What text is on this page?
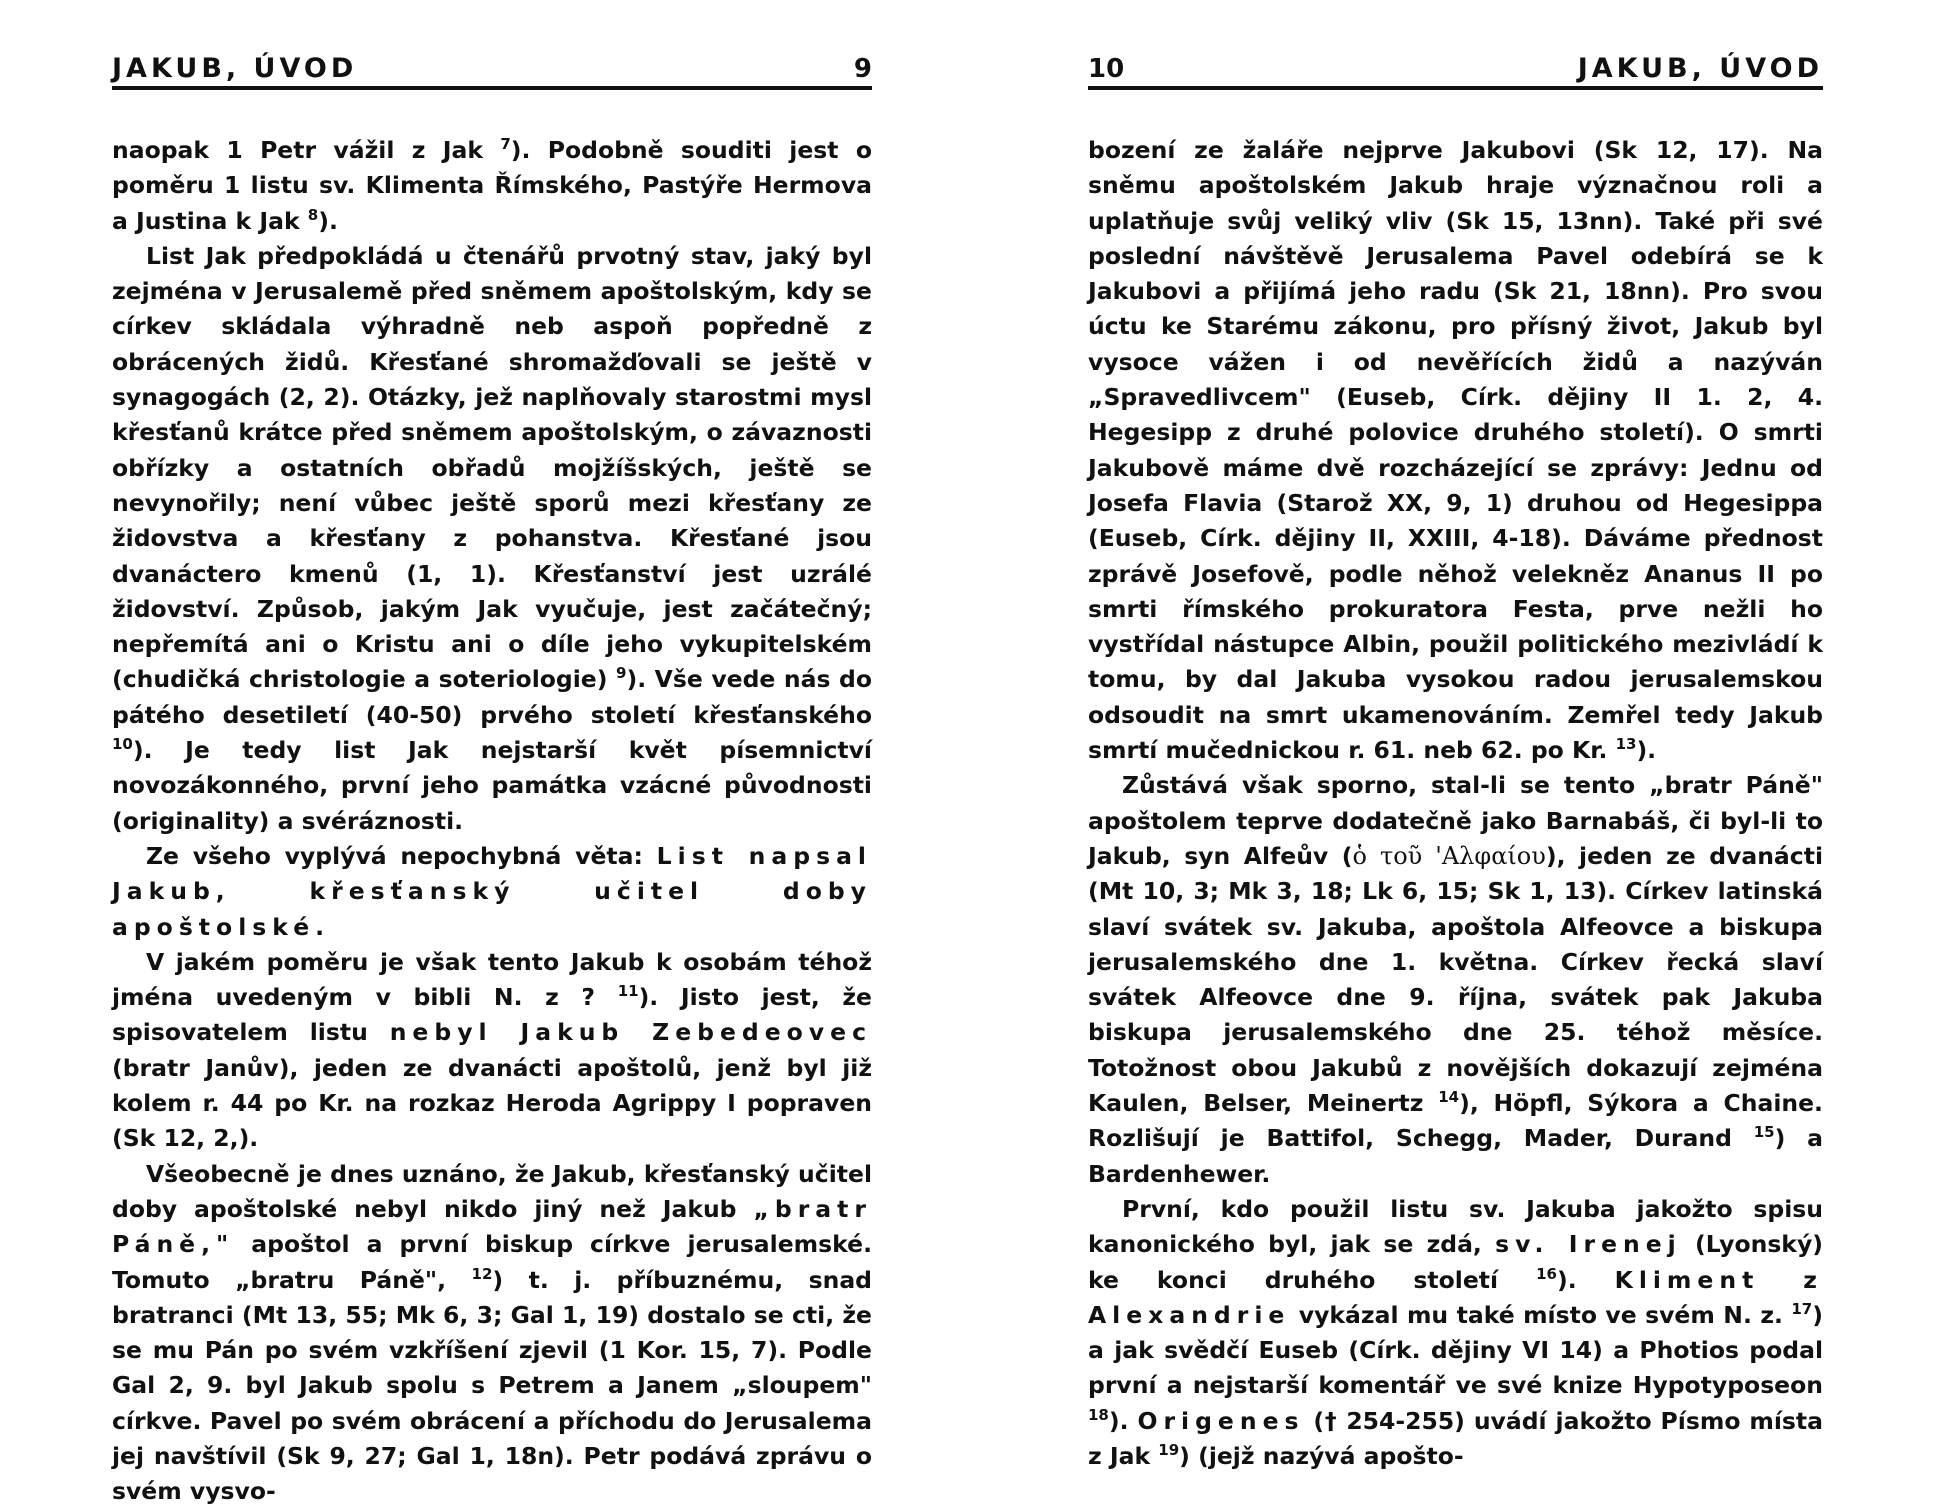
JAKUB, ÚVOD	9

naopak 1 Petr vážil z Jak $^7$). Podobně souditi jest o poměru 1 listu sv. Klimenta Římského, Pastýře Hermova a Justina k Jak $^8$).

List Jak předpokládá u čtenářů prvotný stav, jaký byl zejména v Jerusalemě před sněmem apoštolským, kdy se církev skládala výhradně neb aspoň popředně z obrácených židů. Křesťané shromažďovali se ještě v synagogách (2, 2). Otázky, jež naplňovaly starostmi mysl křesťanů krátce před sněmem apoštolským, o závaznosti obřízky a ostatních obřadů mojžíšských, ještě se nevynořily; není vůbec ještě sporů mezi křesťany ze židovstva a křesťany z pohanstva. Křesťané jsou dvanáctero kmenů (1, 1). Křesťanství jest uzrálé židovství. Způsob, jakým Jak vyučuje, jest začátečný; nepřemítá ani o Kristu ani o díle jeho vykupitelském (chudičká christologie a soteriologie) $^9$). Vše vede nás do pátého desetiletí (40-50) prvého století křesťanského $^{10}$). Je tedy list Jak nejstarší květ písemnictví novozákonného, první jeho památka vzácné původnosti (originality) a svéráznosti.

Ze všeho vyplývá nepochybná věta: List napsal Jakub, křesťanský učitel doby apoštolské.

V jakém poměru je však tento Jakub k osobám téhož jména uvedeným v bibli N. z ? $^{11}$). Jisto jest, že spisovatelem listu nebyl Jakub Zebedeovec (bratr Janův), jeden ze dvanácti apoštolů, jenž byl již kolem r. 44 po Kr. na rozkaz Heroda Agrippy I popraven (Sk 12, 2,).

Všeobecně je dnes uznáno, že Jakub, křesťanský učitel doby apoštolské nebyl nikdo jiný než Jakub „bratr Páně," apoštol a první biskup církve jerusalemské. Tomuto „bratru Páně", $^{12}$) t. j. příbuznému, snad bratranci (Mt 13, 55; Mk 6, 3; Gal 1, 19) dostalo se cti, že se mu Pán po svém vzkříšení zjevil (1 Kor. 15, 7). Podle Gal 2, 9. byl Jakub spolu s Petrem a Janem „sloupem" církve. Pavel po svém obrácení a příchodu do Jerusalema jej navštívil (Sk 9, 27; Gal 1, 18n). Petr podává zprávu o svém vysvo-

10	JAKUB, ÚVOD

bození ze žaláře nejprve Jakubovi (Sk 12, 17). Na sněmu apoštolském Jakub hraje význačnou roli a uplatňuje svůj veliký vliv (Sk 15, 13nn). Také při své poslední návštěvě Jerusalema Pavel odebírá se k Jakubovi a přijímá jeho radu (Sk 21, 18nn). Pro svou úctu ke Starému zákonu, pro přísný život, Jakub byl vysoce vážen i od nevěřících židů a nazýván „Spravedlivcem" (Euseb, Círk. dějiny II 1. 2, 4. Hegesipp z druhé polovice druhého století). O smrti Jakubově máme dvě rozcházející se zprávy: Jednu od Josefa Flavia (Starož XX, 9, 1) druhou od Hegesippa (Euseb, Círk. dějiny II, XXIII, 4-18). Dáváme přednost zprávě Josefově, podle něhož velekněz Ananus II po smrti římského prokuratora Festa, prve nežli ho vystřídal nástupce Albin, použil politického mezivládí k tomu, by dal Jakuba vysokou radou jerusalemskou odsoudit na smrt ukamenováním. Zemřel tedy Jakub smrtí mučednickou r. 61. neb 62. po Kr. $^{13}$).

Zůstává však sporno, stal-li se tento „bratr Páně" apoštolem teprve dodatečně jako Barnabáš, či byl-li to Jakub, syn Alfeův (ὁ τοῦ 'Αλφαίου), jeden ze dvanácti (Mt 10, 3; Mk 3, 18; Lk 6, 15; Sk 1, 13). Církev latinská slaví svátek sv. Jakuba, apoštola Alfeovce a biskupa jerusalemského dne 1. května. Církev řecká slaví svátek Alfeovce dne 9. října, svátek pak Jakuba biskupa jerusalemského dne 25. téhož měsíce. Totožnost obou Jakubů z novějších dokazují zejména Kaulen, Belser, Meinertz $^{14}$), Höpfl, Sýkora a Chaine. Rozlišují je Battifol, Schegg, Mader, Durand $^{15}$) a Bardenhewer.

První, kdo použil listu sv. Jakuba jakožto spisu kanonického byl, jak se zdá, sv. Irenej (Lyonský) ke konci druhého století $^{16}$). Kliment z Alexandrie vykázal mu také místo ve svém N. z. $^{17}$) a jak svědčí Euseb (Círk. dějiny VI 14) a Photios podal první a nejstarší komentář ve své knize Hypotyposeon $^{18}$). Origenes († 254-255) uvádí jakožto Písmo místa z Jak $^{19}$) (jejž nazývá apošto-
